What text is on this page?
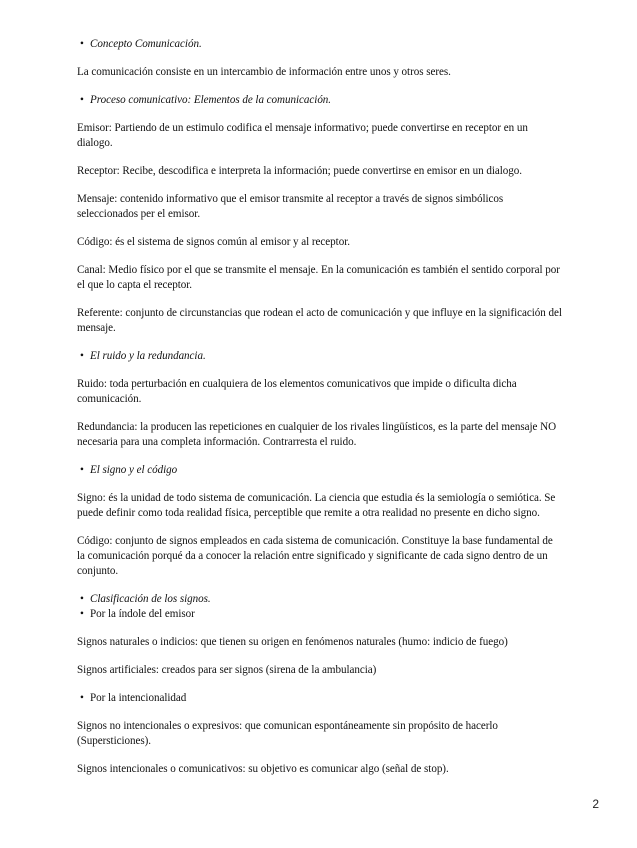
• Concepto Comunicación.

La comunicación consiste en un intercambio de información entre unos y otros seres.

• Proceso comunicativo: Elementos de la comunicación.

Emisor: Partiendo de un estimulo codifica el mensaje informativo; puede convertirse en receptor en un

dialogo.

Receptor: Recibe, descodifica e interpreta la información; puede convertirse en emisor en un dialogo.

Mensaje: contenido informativo que el emisor transmite al receptor a través de signos simbólicos

seleccionados per el emisor.

Código: és el sistema de signos común al emisor y al receptor.

Canal: Medio físico por el que se transmite el mensaje. En la comunicación es también el sentido corporal por

el que lo capta el receptor.

Referente: conjunto de circunstancias que rodean el acto de comunicación y que influye en la significación del

mensaje.

• El ruido y la redundancia.

Ruido: toda perturbación en cualquiera de los elementos comunicativos que impide o dificulta dicha

comunicación.

Redundancia: la producen las repeticiones en cualquier de los rivales lingüísticos, es la parte del mensaje NO

necesaria para una completa información. Contrarresta el ruido.

• El signo y el código

Signo: és la unidad de todo sistema de comunicación. La ciencia que estudia és la semiología o semiótica. Se

puede definir como toda realidad física, perceptible que remite a otra realidad no presente en dicho signo.

Código: conjunto de signos empleados en cada sistema de comunicación. Constituye la base fundamental de

la comunicación porqué da a conocer la relación entre significado y significante de cada signo dentro de un

conjunto.

• Clasificación de los signos.

• Por la índole del emisor

Signos naturales o indicios: que tienen su origen en fenómenos naturales (humo: indicio de fuego)

Signos artificiales: creados para ser signos (sirena de la ambulancia)

• Por la intencionalidad

Signos no intencionales o expresivos: que comunican espontáneamente sin propósito de hacerlo

(Supersticiones).

Signos intencionales o comunicativos: su objetivo es comunicar algo (señal de stop).

2
